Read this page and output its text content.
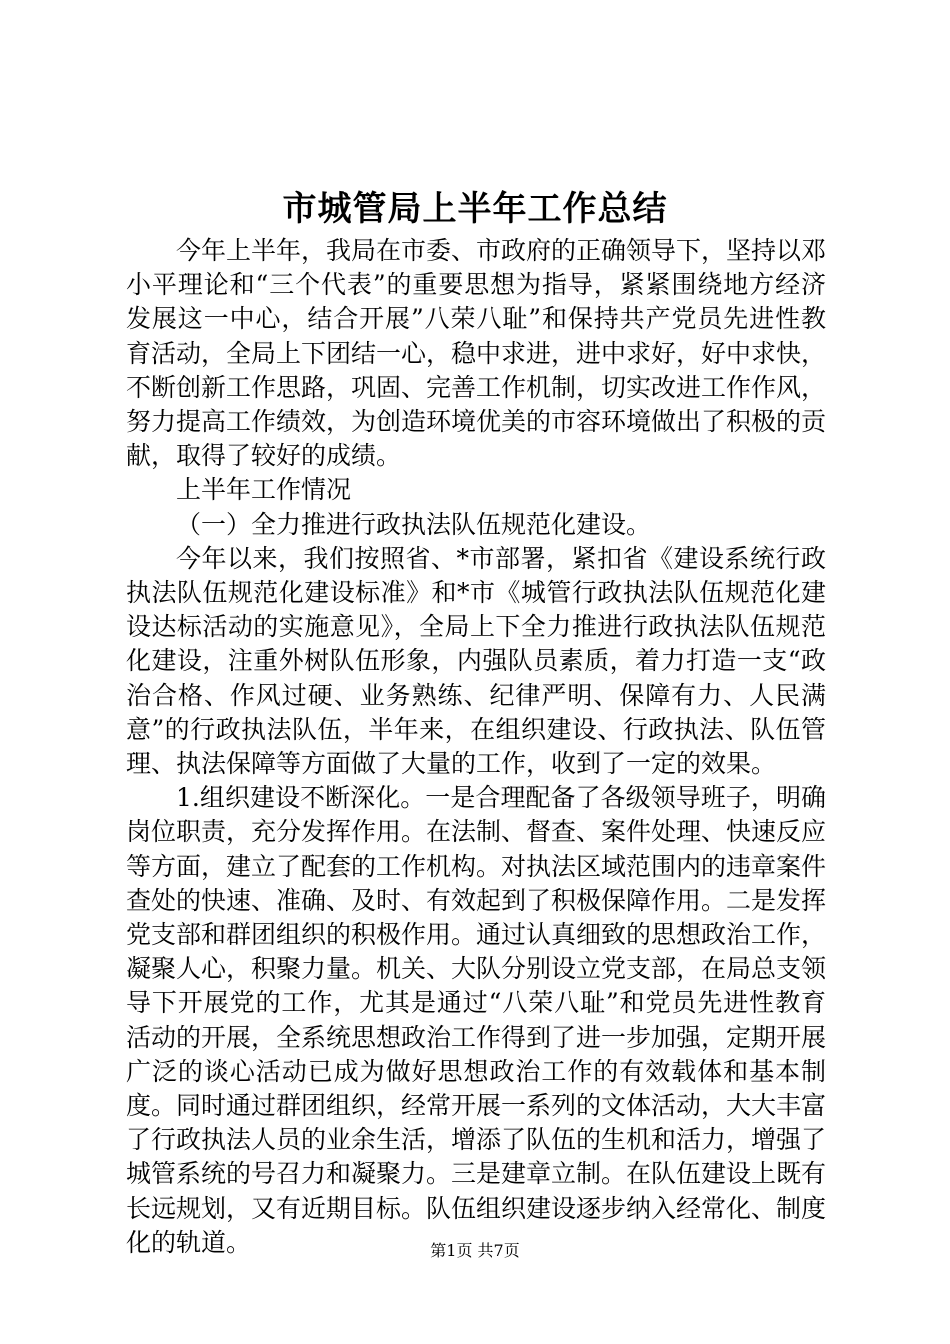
市城管局上半年工作总结

今年上半年，我局在市委、市政府的正确领导下，坚持以邓小平理论和“三个代表”的重要思想为指导，紧紧围绕地方经济发展这一中心，结合开展”八荣八耻”和保持共产党员先进性教育活动，全局上下团结一心，稳中求进，进中求好，好中求快，不断创新工作思路，巩固、完善工作机制，切实改进工作作风，努力提高工作绩效，为创造环境优美的市容环境做出了积极的贡献，取得了较好的成绩。

上半年工作情况

（一）全力推进行政执法队伍规范化建设。

今年以来，我们按照省、*市部署，紧扣省《建设系统行政执法队伍规范化建设标准》和*市《城管行政执法队伍规范化建设达标活动的实施意见》，全局上下全力推进行政执法队伍规范化建设，注重外树队伍形象，内强队员素质，着力打造一支“政治合格、作风过硬、业务熟练、纪律严明、保障有力、人民满意”的行政执法队伍，半年来，在组织建设、行政执法、队伍管理、执法保障等方面做了大量的工作，收到了一定的效果。

1.组织建设不断深化。一是合理配备了各级领导班子，明确岗位职责，充分发挥作用。在法制、督查、案件处理、快速反应等方面，建立了配套的工作机构。对执法区域范围内的违章案件查处的快速、准确、及时、有效起到了积极保障作用。二是发挥党支部和群团组织的积极作用。通过认真细致的思想政治工作，凝聚人心，积聚力量。机关、大队分别设立党支部，在局总支领导下开展党的工作，尤其是通过“八荣八耻”和党员先进性教育活动的开展，全系统思想政治工作得到了进一步加强，定期开展广泛的谈心活动已成为做好思想政治工作的有效载体和基本制度。同时通过群团组织，经常开展一系列的文体活动，大大丰富了行政执法人员的业余生活，增添了队伍的生机和活力，增强了城管系统的号召力和凝聚力。三是建章立制。在队伍建设上既有长远规划，又有近期目标。队伍组织建设逐步纳入经常化、制度化的轨道。	第1页 共7页
